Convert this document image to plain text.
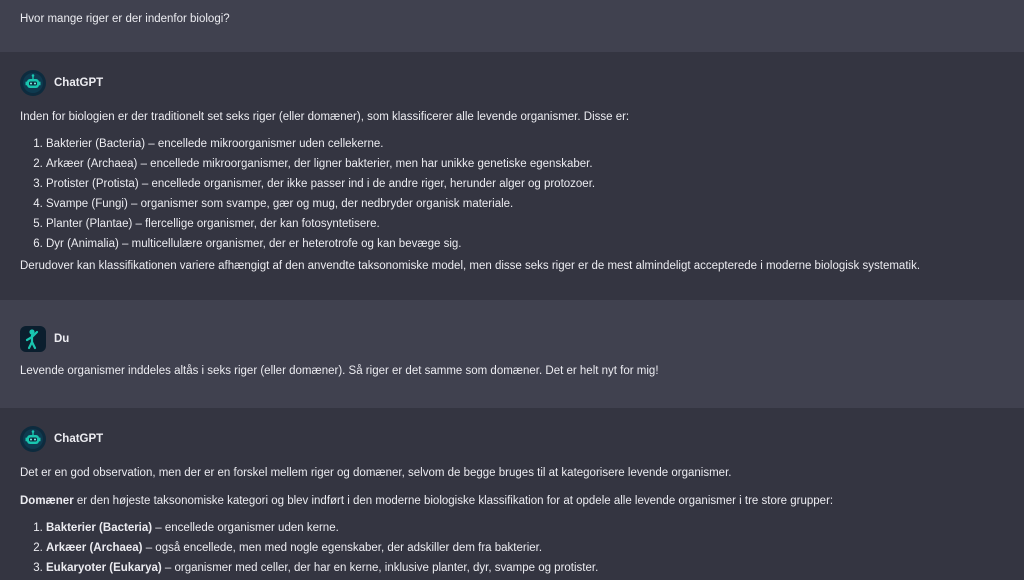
Hvor mange riger er der indenfor biologi?

ChatGPT

Inden for biologien er der traditionelt set seks riger (eller domæner), som klassificerer alle levende organismer. Disse er:

1. Bakterier (Bacteria) – encellede mikroorganismer uden cellekerne.
2. Arkæer (Archaea) – encellede mikroorganismer, der ligner bakterier, men har unikke genetiske egenskaber.
3. Protister (Protista) – encellede organismer, der ikke passer ind i de andre riger, herunder alger og protozoer.
4. Svampe (Fungi) – organismer som svampe, gær og mug, der nedbryder organisk materiale.
5. Planter (Plantae) – flercellige organismer, der kan fotosyntetisere.
6. Dyr (Animalia) – multicellulære organismer, der er heterotrofe og kan bevæge sig.

Derudover kan klassifikationen variere afhængigt af den anvendte taksonomiske model, men disse seks riger er de mest almindeligt accepterede i moderne biologisk systematik.

Du

Levende organismer inddeles altås i seks riger (eller domæner). Så riger er det samme som domæner. Det er helt nyt for mig!

ChatGPT

Det er en god observation, men der er en forskel mellem riger og domæner, selvom de begge bruges til at kategorisere levende organismer.

Domæner er den højeste taksonomiske kategori og blev indført i den moderne biologiske klassifikation for at opdele alle levende organismer i tre store grupper:

1. Bakterier (Bacteria) – encellede organismer uden kerne.
2. Arkæer (Archaea) – også encellede, men med nogle egenskaber, der adskiller dem fra bakterier.
3. Eukaryoter (Eukarya) – organismer med celler, der har en kerne, inklusive planter, dyr, svampe og protister.
